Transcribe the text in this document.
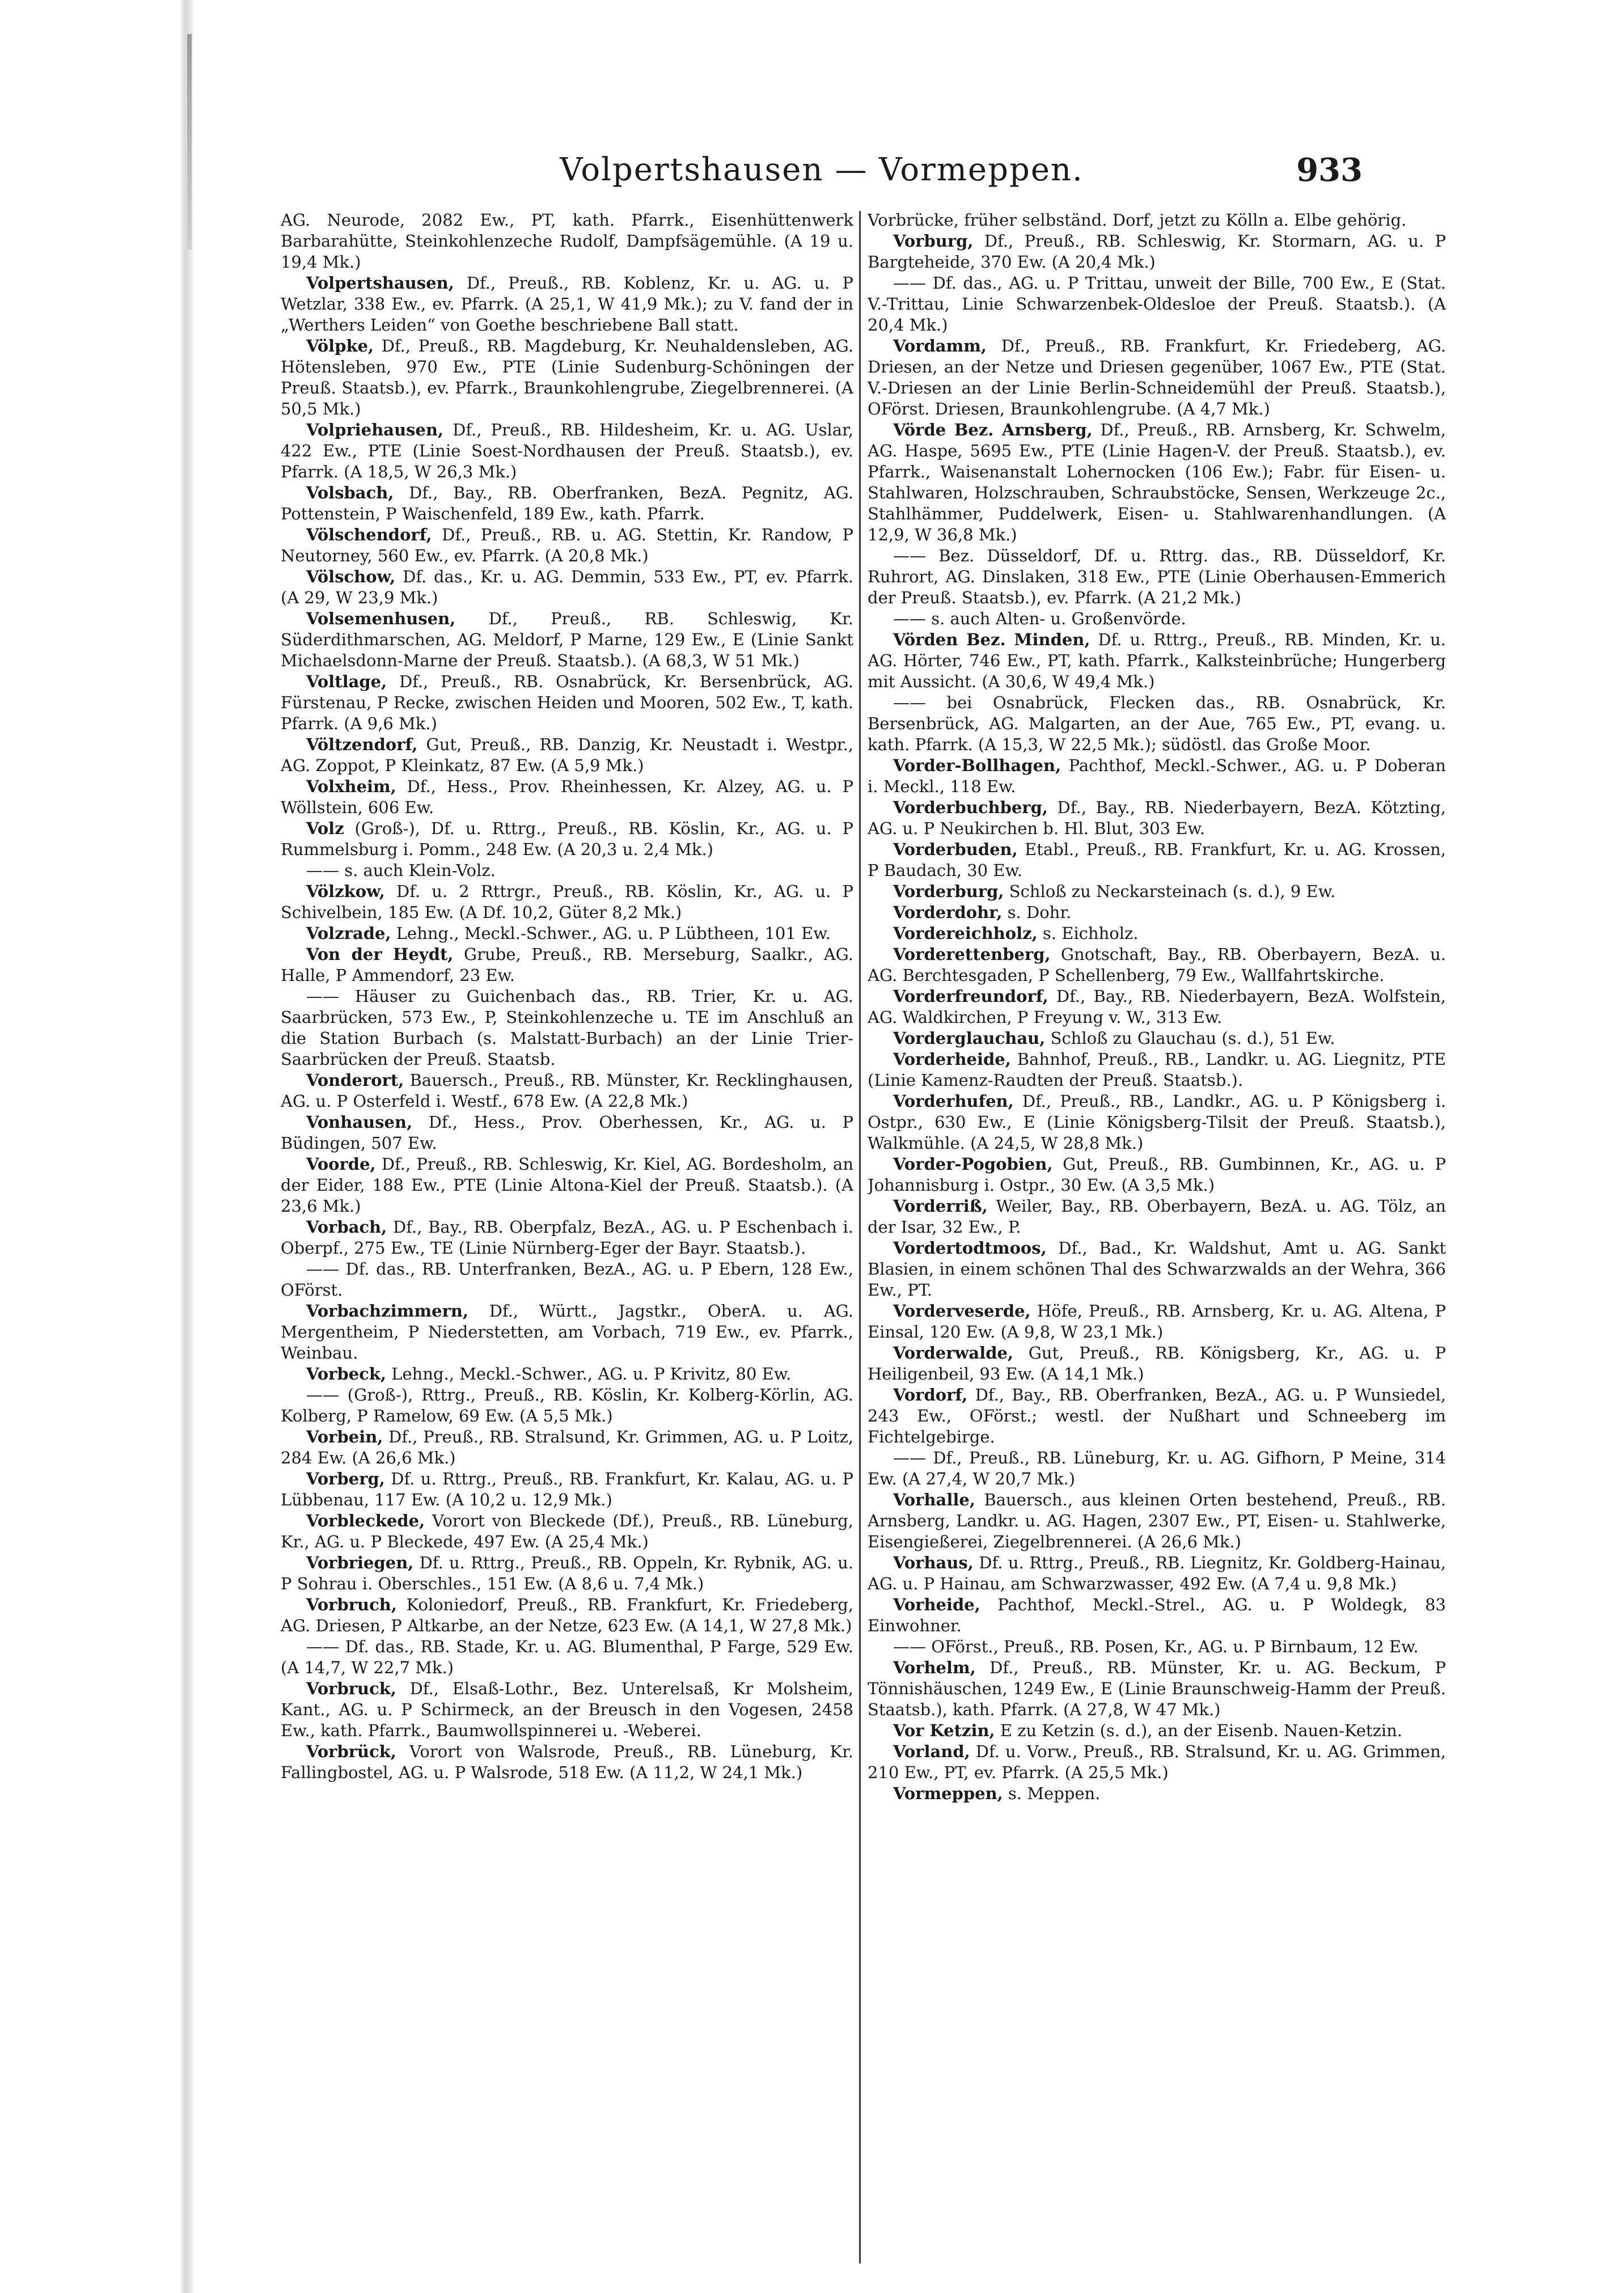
Volpertshausen — Vormeppen.	933

AG. Neurode, 2082 Ew., PT, kath. Pfarrk., Eisenhüttenwerk Barbarahütte, Steinkohlenzeche Rudolf, Dampfsägemühle. (A 19 u. 19,4 Mk.)

Volpertshausen, Df., Preuß., RB. Koblenz, Kr. u. AG. u. P Wetzlar, 338 Ew., ev. Pfarrk. (A 25,1, W 41,9 Mk.); zu V. fand der in „Werthers Leiden“ von Goethe beschriebene Ball statt.

Völpke, Df., Preuß., RB. Magdeburg, Kr. Neuhaldensleben, AG. Hötensleben, 970 Ew., PTE (Linie Sudenburg-Schöningen der Preuß. Staatsb.), ev. Pfarrk., Braunkohlengrube, Ziegelbrennerei. (A 50,5 Mk.)

Volpriehausen, Df., Preuß., RB. Hildesheim, Kr. u. AG. Uslar, 422 Ew., PTE (Linie Soest-Nordhausen der Preuß. Staatsb.), ev. Pfarrk. (A 18,5, W 26,3 Mk.)

Volsbach, Df., Bay., RB. Oberfranken, BezA. Pegnitz, AG. Pottenstein, P Waischenfeld, 189 Ew., kath. Pfarrk.

Völschendorf, Df., Preuß., RB. u. AG. Stettin, Kr. Randow, P Neutorney, 560 Ew., ev. Pfarrk. (A 20,8 Mk.)

Völschow, Df. das., Kr. u. AG. Demmin, 533 Ew., PT, ev. Pfarrk. (A 29, W 23,9 Mk.)

Volsemenhusen, Df., Preuß., RB. Schleswig, Kr. Süderdithmarschen, AG. Meldorf, P Marne, 129 Ew., E (Linie Sankt Michaelsdonn-Marne der Preuß. Staatsb.). (A 68,3, W 51 Mk.)

Voltlage, Df., Preuß., RB. Osnabrück, Kr. Bersenbrück, AG. Fürstenau, P Recke, zwischen Heiden und Mooren, 502 Ew., T, kath. Pfarrk. (A 9,6 Mk.)

Völtzendorf, Gut, Preuß., RB. Danzig, Kr. Neustadt i. Westpr., AG. Zoppot, P Kleinkatz, 87 Ew. (A 5,9 Mk.)

Volxheim, Df., Hess., Prov. Rheinhessen, Kr. Alzey, AG. u. P Wöllstein, 606 Ew.

Volz (Groß-), Df. u. Rttrg., Preuß., RB. Köslin, Kr., AG. u. P Rummelsburg i. Pomm., 248 Ew. (A 20,3 u. 2,4 Mk.)

—— s. auch Klein-Volz.

Völzkow, Df. u. 2 Rttrgr., Preuß., RB. Köslin, Kr., AG. u. P Schivelbein, 185 Ew. (A Df. 10,2, Güter 8,2 Mk.)

Volzrade, Lehng., Meckl.-Schwer., AG. u. P Lübtheen, 101 Ew.

Von der Heydt, Grube, Preuß., RB. Merseburg, Saalkr., AG. Halle, P Ammendorf, 23 Ew.

—— Häuser zu Guichenbach das., RB. Trier, Kr. u. AG. Saarbrücken, 573 Ew., P, Steinkohlenzeche u. TE im Anschluß an die Station Burbach (s. Malstatt-Burbach) an der Linie Trier-Saarbrücken der Preuß. Staatsb.

Vonderort, Bauersch., Preuß., RB. Münster, Kr. Recklinghausen, AG. u. P Osterfeld i. Westf., 678 Ew. (A 22,8 Mk.)

Vonhausen, Df., Hess., Prov. Oberhessen, Kr., AG. u. P Büdingen, 507 Ew.

Voorde, Df., Preuß., RB. Schleswig, Kr. Kiel, AG. Bordesholm, an der Eider, 188 Ew., PTE (Linie Altona-Kiel der Preuß. Staatsb.). (A 23,6 Mk.)

Vorbach, Df., Bay., RB. Oberpfalz, BezA., AG. u. P Eschenbach i. Oberpf., 275 Ew., TE (Linie Nürnberg-Eger der Bayr. Staatsb.).

—— Df. das., RB. Unterfranken, BezA., AG. u. P Ebern, 128 Ew., OFörst.

Vorbachzimmern, Df., Württ., Jagstkr., OberA. u. AG. Mergentheim, P Niederstetten, am Vorbach, 719 Ew., ev. Pfarrk., Weinbau.

Vorbeck, Lehng., Meckl.-Schwer., AG. u. P Krivitz, 80 Ew.

—— (Groß-), Rttrg., Preuß., RB. Köslin, Kr. Kolberg-Körlin, AG. Kolberg, P Ramelow, 69 Ew. (A 5,5 Mk.)

Vorbein, Df., Preuß., RB. Stralsund, Kr. Grimmen, AG. u. P Loitz, 284 Ew. (A 26,6 Mk.)

Vorberg, Df. u. Rttrg., Preuß., RB. Frankfurt, Kr. Kalau, AG. u. P Lübbenau, 117 Ew. (A 10,2 u. 12,9 Mk.)

Vorbleckede, Vorort von Bleckede (Df.), Preuß., RB. Lüneburg, Kr., AG. u. P Bleckede, 497 Ew. (A 25,4 Mk.)

Vorbriegen, Df. u. Rttrg., Preuß., RB. Oppeln, Kr. Rybnik, AG. u. P Sohrau i. Oberschles., 151 Ew. (A 8,6 u. 7,4 Mk.)

Vorbruch, Koloniedorf, Preuß., RB. Frankfurt, Kr. Friedeberg, AG. Driesen, P Altkarbe, an der Netze, 623 Ew. (A 14,1, W 27,8 Mk.)

—— Df. das., RB. Stade, Kr. u. AG. Blumenthal, P Farge, 529 Ew. (A 14,7, W 22,7 Mk.)

Vorbruck, Df., Elsaß-Lothr., Bez. Unterelsaß, Kr Molsheim, Kant., AG. u. P Schirmeck, an der Breusch in den Vogesen, 2458 Ew., kath. Pfarrk., Baumwollspinnerei u. -Weberei.

Vorbrück, Vorort von Walsrode, Preuß., RB. Lüneburg, Kr. Fallingbostel, AG. u. P Walsrode, 518 Ew. (A 11,2, W 24,1 Mk.)

Vorbrücke, früher selbständ. Dorf, jetzt zu Kölln a. Elbe gehörig.

Vorburg, Df., Preuß., RB. Schleswig, Kr. Stormarn, AG. u. P Bargteheide, 370 Ew. (A 20,4 Mk.)

—— Df. das., AG. u. P Trittau, unweit der Bille, 700 Ew., E (Stat. V.-Trittau, Linie Schwarzenbek-Oldesloe der Preuß. Staatsb.). (A 20,4 Mk.)

Vordamm, Df., Preuß., RB. Frankfurt, Kr. Friedeberg, AG. Driesen, an der Netze und Driesen gegenüber, 1067 Ew., PTE (Stat. V.-Driesen an der Linie Berlin-Schneidemühl der Preuß. Staatsb.), OFörst. Driesen, Braunkohlengrube. (A 4,7 Mk.)

Vörde Bez. Arnsberg, Df., Preuß., RB. Arnsberg, Kr. Schwelm, AG. Haspe, 5695 Ew., PTE (Linie Hagen-V. der Preuß. Staatsb.), ev. Pfarrk., Waisenanstalt Lohernocken (106 Ew.); Fabr. für Eisen- u. Stahlwaren, Holzschrauben, Schraubstöcke, Sensen, Werkzeuge 2c., Stahlhämmer, Puddelwerk, Eisen- u. Stahlwarenhandlungen. (A 12,9, W 36,8 Mk.)

—— Bez. Düsseldorf, Df. u. Rttrg. das., RB. Düsseldorf, Kr. Ruhrort, AG. Dinslaken, 318 Ew., PTE (Linie Oberhausen-Emmerich der Preuß. Staatsb.), ev. Pfarrk. (A 21,2 Mk.)

—— s. auch Alten- u. Großenvörde.

Vörden Bez. Minden, Df. u. Rttrg., Preuß., RB. Minden, Kr. u. AG. Hörter, 746 Ew., PT, kath. Pfarrk., Kalksteinbrüche; Hungerberg mit Aussicht. (A 30,6, W 49,4 Mk.)

—— bei Osnabrück, Flecken das., RB. Osnabrück, Kr. Bersenbrück, AG. Malgarten, an der Aue, 765 Ew., PT, evang. u. kath. Pfarrk. (A 15,3, W 22,5 Mk.); südöstl. das Große Moor.

Vorder-Bollhagen, Pachthof, Meckl.-Schwer., AG. u. P Doberan i. Meckl., 118 Ew.

Vorderbuchberg, Df., Bay., RB. Niederbayern, BezA. Kötzting, AG. u. P Neukirchen b. Hl. Blut, 303 Ew.

Vorderbuden, Etabl., Preuß., RB. Frankfurt, Kr. u. AG. Krossen, P Baudach, 30 Ew.

Vorderburg, Schloß zu Neckarsteinach (s. d.), 9 Ew.

Vorderdohr, s. Dohr.

Vordereichholz, s. Eichholz.

Vorderettenberg, Gnotschaft, Bay., RB. Oberbayern, BezA. u. AG. Berchtesgaden, P Schellenberg, 79 Ew., Wallfahrtskirche.

Vorderfreundorf, Df., Bay., RB. Niederbayern, BezA. Wolfstein, AG. Waldkirchen, P Freyung v. W., 313 Ew.

Vorderglauchau, Schloß zu Glauchau (s. d.), 51 Ew.

Vorderheide, Bahnhof, Preuß., RB., Landkr. u. AG. Liegnitz, PTE (Linie Kamenz-Raudten der Preuß. Staatsb.).

Vorderhufen, Df., Preuß., RB., Landkr., AG. u. P Königsberg i. Ostpr., 630 Ew., E (Linie Königsberg-Tilsit der Preuß. Staatsb.), Walkmühle. (A 24,5, W 28,8 Mk.)

Vorder-Pogobien, Gut, Preuß., RB. Gumbinnen, Kr., AG. u. P Johannisburg i. Ostpr., 30 Ew. (A 3,5 Mk.)

Vorderriß, Weiler, Bay., RB. Oberbayern, BezA. u. AG. Tölz, an der Isar, 32 Ew., P.

Vordertodtmoos, Df., Bad., Kr. Waldshut, Amt u. AG. Sankt Blasien, in einem schönen Thal des Schwarzwalds an der Wehra, 366 Ew., PT.

Vorderveserde, Höfe, Preuß., RB. Arnsberg, Kr. u. AG. Altena, P Einsal, 120 Ew. (A 9,8, W 23,1 Mk.)

Vorderwalde, Gut, Preuß., RB. Königsberg, Kr., AG. u. P Heiligenbeil, 93 Ew. (A 14,1 Mk.)

Vordorf, Df., Bay., RB. Oberfranken, BezA., AG. u. P Wunsiedel, 243 Ew., OFörst.; westl. der Nußhart und Schneeberg im Fichtelgebirge.

—— Df., Preuß., RB. Lüneburg, Kr. u. AG. Gifhorn, P Meine, 314 Ew. (A 27,4, W 20,7 Mk.)

Vorhalle, Bauersch., aus kleinen Orten bestehend, Preuß., RB. Arnsberg, Landkr. u. AG. Hagen, 2307 Ew., PT, Eisen- u. Stahlwerke, Eisengießerei, Ziegelbrennerei. (A 26,6 Mk.)

Vorhaus, Df. u. Rttrg., Preuß., RB. Liegnitz, Kr. Goldberg-Hainau, AG. u. P Hainau, am Schwarzwasser, 492 Ew. (A 7,4 u. 9,8 Mk.)

Vorheide, Pachthof, Meckl.-Strel., AG. u. P Woldegk, 83 Einwohner.

—— OFörst., Preuß., RB. Posen, Kr., AG. u. P Birnbaum, 12 Ew.

Vorhelm, Df., Preuß., RB. Münster, Kr. u. AG. Beckum, P Tönnishäuschen, 1249 Ew., E (Linie Braunschweig-Hamm der Preuß. Staatsb.), kath. Pfarrk. (A 27,8, W 47 Mk.)

Vor Ketzin, E zu Ketzin (s. d.), an der Eisenb. Nauen-Ketzin.

Vorland, Df. u. Vorw., Preuß., RB. Stralsund, Kr. u. AG. Grimmen, 210 Ew., PT, ev. Pfarrk. (A 25,5 Mk.)

Vormeppen, s. Meppen.
